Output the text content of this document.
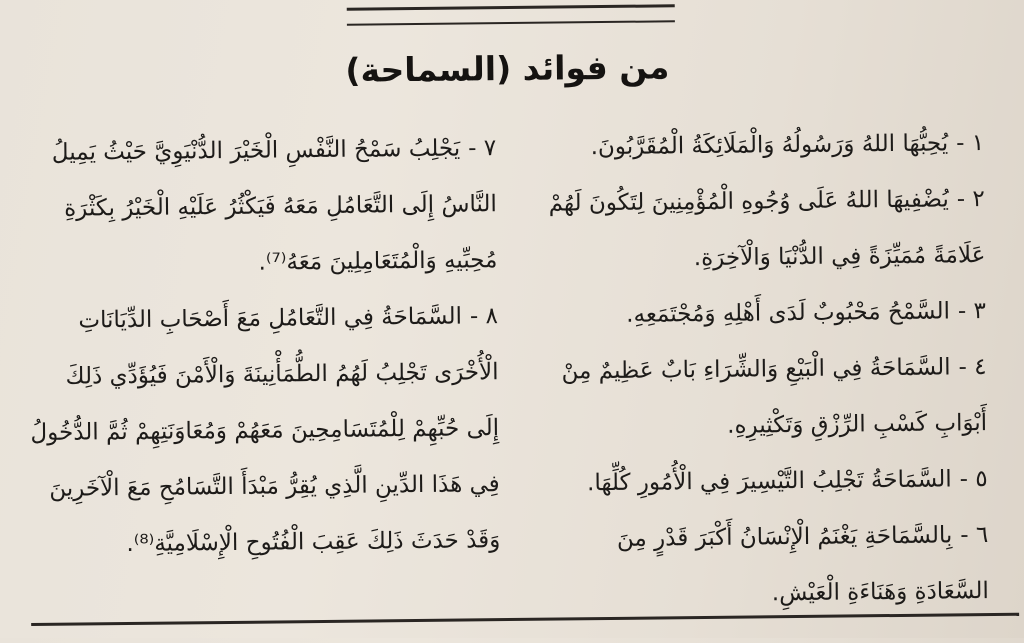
من فوائد (السماحة)

١ -يُحِبُّهَا اللهُ وَرَسُولُهُ وَالْمَلَائِكَةُ الْمُقَرَّبُونَ.

٢ -يُضْفِيهَا اللهُ عَلَى وُجُوهِ الْمُؤْمِنِينَ لِتَكُونَ لَهُمْ عَلَامَةً مُمَيِّزَةً فِي الدُّنْيَا وَالْآخِرَةِ.

٣ -السَّمْحُ مَحْبُوبٌ لَدَى أَهْلِهِ وَمُجْتَمَعِهِ.

٤ -السَّمَاحَةُ فِي الْبَيْعِ وَالشِّرَاءِ بَابٌ عَظِيمٌ مِنْ أَبْوَابِ كَسْبِ الرِّزْقِ وَتَكْثِيرِهِ.

٥ -السَّمَاحَةُ تَجْلِبُ التَّيْسِيرَ فِي الْأُمُورِ كُلِّهَا.

٦ -بِالسَّمَاحَةِ يَغْنَمُ الْإِنْسَانُ أَكْبَرَ قَدْرٍ مِنَ السَّعَادَةِ وَهَنَاءَةِ الْعَيْشِ.

٧ -يَجْلِبُ سَمْحُ النَّفْسِ الْخَيْرَ الدُّنْيَوِيَّ حَيْثُ يَمِيلُ النَّاسُ إِلَى التَّعَامُلِ مَعَهُ فَيَكْثُرُ عَلَيْهِ الْخَيْرُ بِكَثْرَةِ مُحِبِّيهِ وَالْمُتَعَامِلِينَ مَعَهُ⁽⁷⁾.

٨ -السَّمَاحَةُ فِي التَّعَامُلِ مَعَ أَصْحَابِ الدِّيَانَاتِ الْأُخْرَى تَجْلِبُ لَهُمُ الطُّمَأْنِينَةَ وَالْأَمْنَ فَيُؤَدِّي ذَلِكَ إِلَى حُبِّهِمْ لِلْمُتَسَامِحِينَ مَعَهُمْ وَمُعَاوَنَتِهِمْ ثُمَّ الدُّخُولُ فِي هَذَا الدِّينِ الَّذِي يُقِرُّ مَبْدَأَ التَّسَامُحِ مَعَ الْآخَرِينَ وَقَدْ حَدَثَ ذَلِكَ عَقِبَ الْفُتُوحِ الْإِسْلَامِيَّةِ⁽⁸⁾.
